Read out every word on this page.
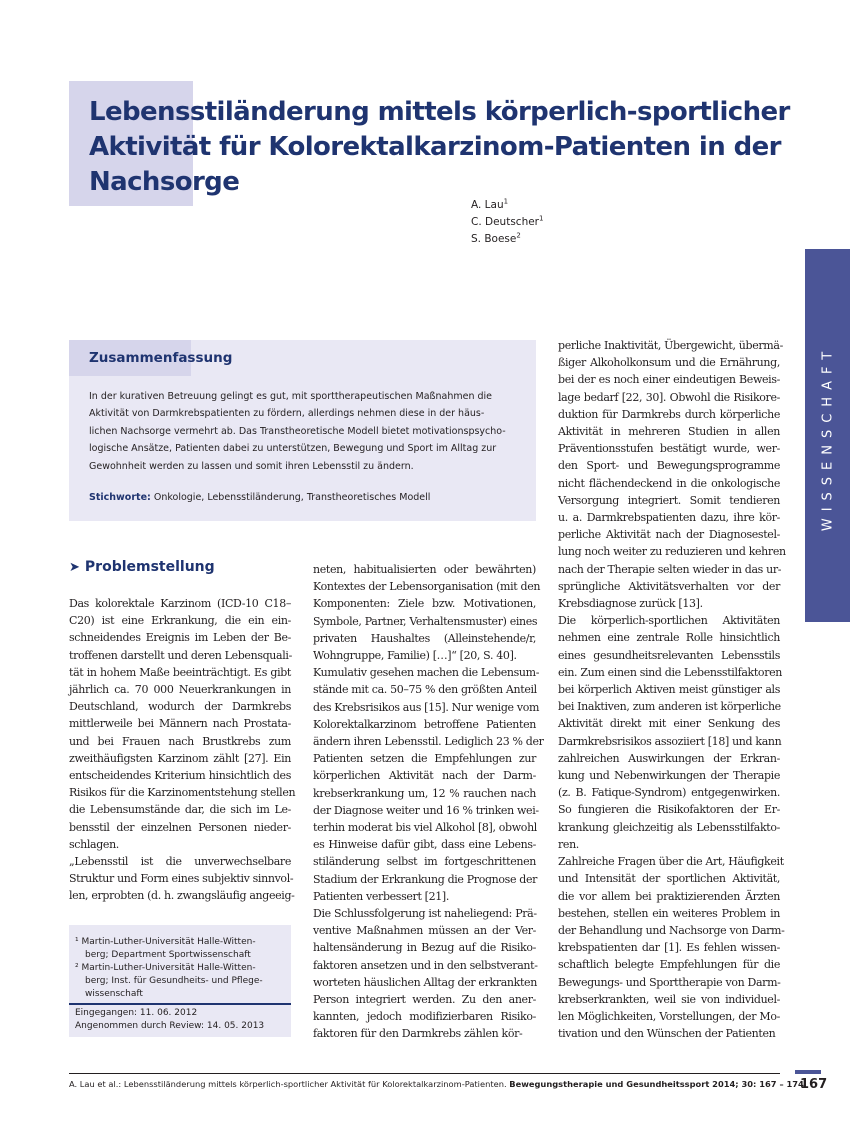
Lebensstiländerung mittels körperlich-sportlicher
Aktivität für Kolorektalkarzinom-Patienten in der
Nachsorge
A. Lau$^1$
C. Deutscher$^1$
S. Boese$^2$
WISSENSCHAFT
Zusammenfassung
In der kurativen Betreuung gelingt es gut, mit sporttherapeutischen Maßnahmen die
Aktivität von Darmkrebspatienten zu fördern, allerdings nehmen diese in der häus-
lichen Nachsorge vermehrt ab. Das Transtheoretische Modell bietet motivationspsycho-
logische Ansätze, Patienten dabei zu unterstützen, Bewegung und Sport im Alltag zur
Gewohnheit werden zu lassen und somit ihren Lebensstil zu ändern.
Stichworte: Onkologie, Lebensstiländerung, Transtheoretisches Modell
➤ Problemstellung
Das kolorektale Karzinom (ICD-10 C18–
C20) ist eine Erkrankung, die ein ein-
schneidendes Ereignis im Leben der Be-
troffenen darstellt und deren Lebensquali-
tät in hohem Maße beeinträchtigt. Es gibt
jährlich ca. 70 000 Neuerkrankungen in
Deutschland, wodurch der Darmkrebs
mittlerweile bei Männern nach Prostata-
und bei Frauen nach Brustkrebs zum
zweithäufigsten Karzinom zählt [27]. Ein
entscheidendes Kriterium hinsichtlich des
Risikos für die Karzinomentstehung stellen
die Lebensumstände dar, die sich im Le-
bensstil der einzelnen Personen nieder-
schlagen.
„Lebensstil ist die unverwechselbare
Struktur und Form eines subjektiv sinnvol-
len, erprobten (d. h. zwangsläufig angeeig-
neten, habitualisierten oder bewährten)
Kontextes der Lebensorganisation (mit den
Komponenten: Ziele bzw. Motivationen,
Symbole, Partner, Verhaltensmuster) eines
privaten Haushaltes (Alleinstehende/r,
Wohngruppe, Familie) […]“ [20, S. 40].
Kumulativ gesehen machen die Lebensum-
stände mit ca. 50–75 % den größten Anteil
des Krebsrisikos aus [15]. Nur wenige vom
Kolorektalkarzinom betroffene Patienten
ändern ihren Lebensstil. Lediglich 23 % der
Patienten setzen die Empfehlungen zur
körperlichen Aktivität nach der Darm-
krebserkrankung um, 12 % rauchen nach
der Diagnose weiter und 16 % trinken wei-
terhin moderat bis viel Alkohol [8], obwohl
es Hinweise dafür gibt, dass eine Lebens-
stiländerung selbst im fortgeschrittenen
Stadium der Erkrankung die Prognose der
Patienten verbessert [21].
Die Schlussfolgerung ist naheliegend: Prä-
ventive Maßnahmen müssen an der Ver-
haltensänderung in Bezug auf die Risiko-
faktoren ansetzen und in den selbstverant-
worteten häuslichen Alltag der erkrankten
Person integriert werden. Zu den aner-
kannten, jedoch modifizierbaren Risiko-
faktoren für den Darmkrebs zählen kör-
perliche Inaktivität, Übergewicht, übermä-
ßiger Alkoholkonsum und die Ernährung,
bei der es noch einer eindeutigen Beweis-
lage bedarf [22, 30]. Obwohl die Risikore-
duktion für Darmkrebs durch körperliche
Aktivität in mehreren Studien in allen
Präventionsstufen bestätigt wurde, wer-
den Sport- und Bewegungsprogramme
nicht flächendeckend in die onkologische
Versorgung integriert. Somit tendieren
u. a. Darmkrebspatienten dazu, ihre kör-
perliche Aktivität nach der Diagnosestel-
lung noch weiter zu reduzieren und kehren
nach der Therapie selten wieder in das ur-
sprüngliche Aktivitätsverhalten vor der
Krebsdiagnose zurück [13].
Die körperlich-sportlichen Aktivitäten
nehmen eine zentrale Rolle hinsichtlich
eines gesundheitsrelevanten Lebensstils
ein. Zum einen sind die Lebensstilfaktoren
bei körperlich Aktiven meist günstiger als
bei Inaktiven, zum anderen ist körperliche
Aktivität direkt mit einer Senkung des
Darmkrebsrisikos assoziiert [18] und kann
zahlreichen Auswirkungen der Erkran-
kung und Nebenwirkungen der Therapie
(z. B. Fatique-Syndrom) entgegenwirken.
So fungieren die Risikofaktoren der Er-
krankung gleichzeitig als Lebensstilfakto-
ren.
Zahlreiche Fragen über die Art, Häufigkeit
und Intensität der sportlichen Aktivität,
die vor allem bei praktizierenden Ärzten
bestehen, stellen ein weiteres Problem in
der Behandlung und Nachsorge von Darm-
krebspatienten dar [1]. Es fehlen wissen-
schaftlich belegte Empfehlungen für die
Bewegungs- und Sporttherapie von Darm-
krebserkrankten, weil sie von individuel-
len Möglichkeiten, Vorstellungen, der Mo-
tivation und den Wünschen der Patienten
¹ Martin-Luther-Universität Halle-Witten-
berg; Department Sportwissenschaft
² Martin-Luther-Universität Halle-Witten-
berg; Inst. für Gesundheits- und Pflege-
wissenschaft
Eingegangen: 11. 06. 2012
Angenommen durch Review: 14. 05. 2013
A. Lau et al.: Lebensstiländerung mittels körperlich-sportlicher Aktivität für Kolorektalkarzinom-Patienten. Bewegungstherapie und Gesundheitssport 2014; 30: 167 – 174
167
